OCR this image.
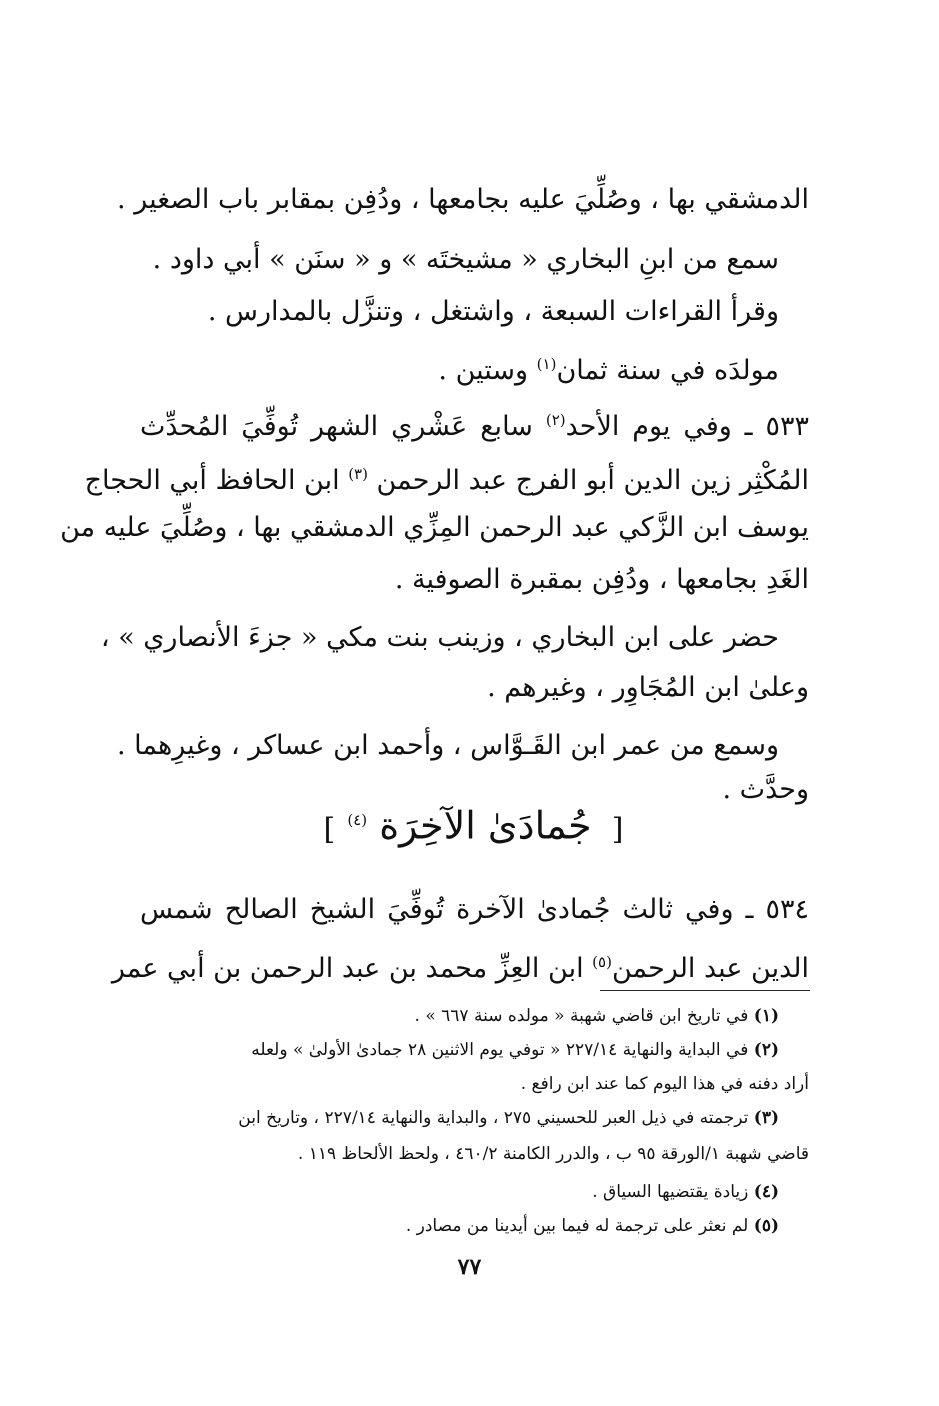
الدمشقي بها ، وصُلِّيَ عليه بجامعها ، ودُفِن بمقابر باب الصغير .
سمع من ابنِ البخاري « مشيختَه » و « سنَن » أبي داود .
وقرأ القراءات السبعة ، واشتغل ، وتنزَّل بالمدارس .
مولدَه في سنة ثمان$^{(١)}$ وستين .
٥٣٣ ـ وفي يوم الأحد$^{(٢)}$ سابع عَشْري الشهر تُوفِّيَ المُحدِّث
المُكْثِر زين الدين أبو الفرج عبد الرحمن $^{(٣)}$ ابن الحافظ أبي الحجاج
يوسف ابن الزَّكي عبد الرحمن المِزِّي الدمشقي بها ، وصُلِّيَ عليه من
الغَدِ بجامعها ، ودُفِن بمقبرة الصوفية .
حضر على ابن البخاري ، وزينب بنت مكي « جزءَ الأنصاري » ،
وعلىٰ ابن المُجَاوِر ، وغيرهم .
وسمع من عمر ابن القَـوَّاس ، وأحمد ابن عساكر ، وغيرِهما .
وحدَّث .
[ جُمادَىٰ الآخِرَة $^{(٤)}$ ]
٥٣٤ ـ وفي ثالث جُمادىٰ الآخرة تُوفِّيَ الشيخ الصالح شمس
الدين عبد الرحمن$^{(٥)}$ ابن العِزِّ محمد بن عبد الرحمن بن أبي عمر
(١) في تاريخ ابن قاضي شهبة « مولده سنة ٦٦٧ » .
(٢) في البداية والنهاية ٢٢٧/١٤ « توفي يوم الاثنين ٢٨ جمادىٰ الأولىٰ » ولعله
أراد دفنه في هذا اليوم كما عند ابن رافع .
(٣) ترجمته في ذيل العبر للحسيني ٢٧٥ ، والبداية والنهاية ٢٢٧/١٤ ، وتاريخ ابن
قاضي شهبة ١/الورقة ٩٥ ب ، والدرر الكامنة ٤٦٠/٢ ، ولحظ الألحاظ ١١٩ .
(٤) زيادة يقتضيها السياق .
(٥) لم نعثر على ترجمة له فيما بين أيدينا من مصادر .
٧٧
